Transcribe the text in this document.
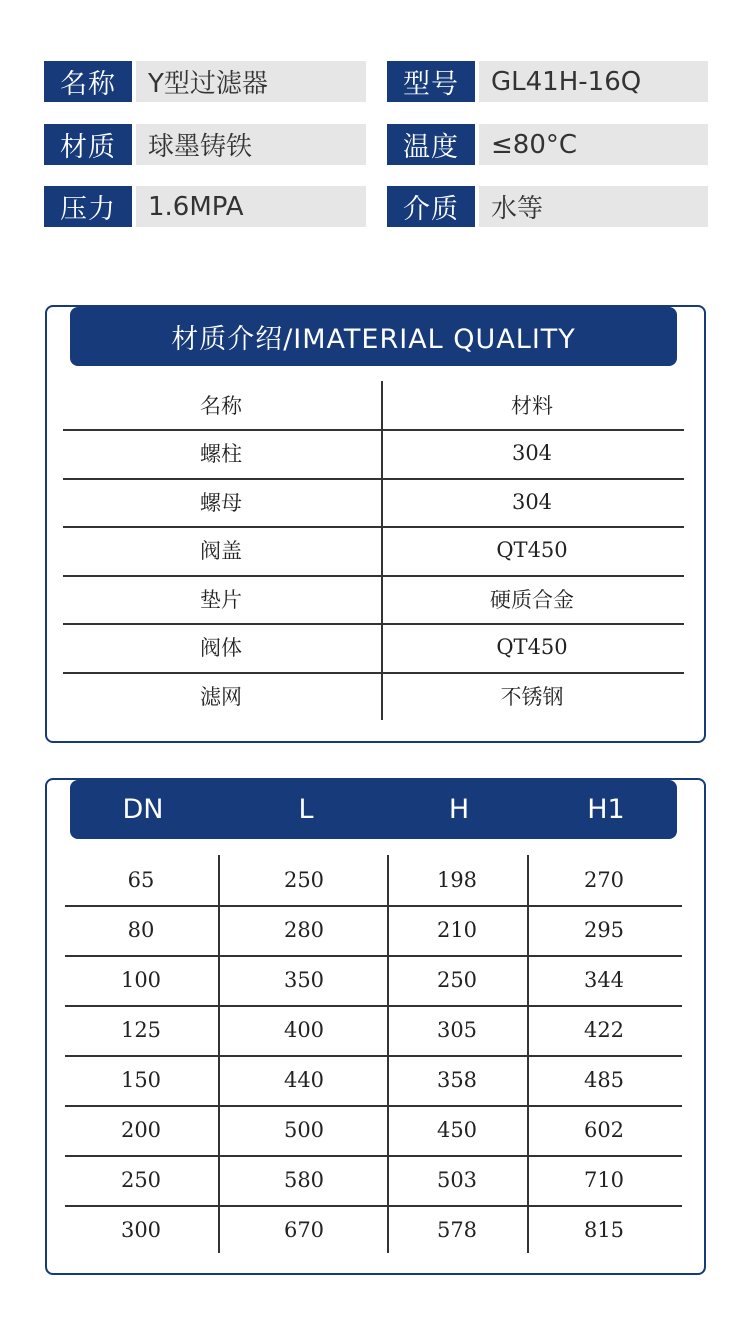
名称	Y型过滤器	型号	GL41H-16Q
材质	球墨铸铁	温度	≤80°C
压力	1.6MPA	介质	水等
材质介绍/IMATERIAL QUALITY
名称	材料
螺柱	304
螺母	304
阀盖	QT450
垫片	硬质合金
阀体	QT450
滤网	不锈钢
DN	L	H	H1
65	250	198	270
80	280	210	295
100	350	250	344
125	400	305	422
150	440	358	485
200	500	450	602
250	580	503	710
300	670	578	815
